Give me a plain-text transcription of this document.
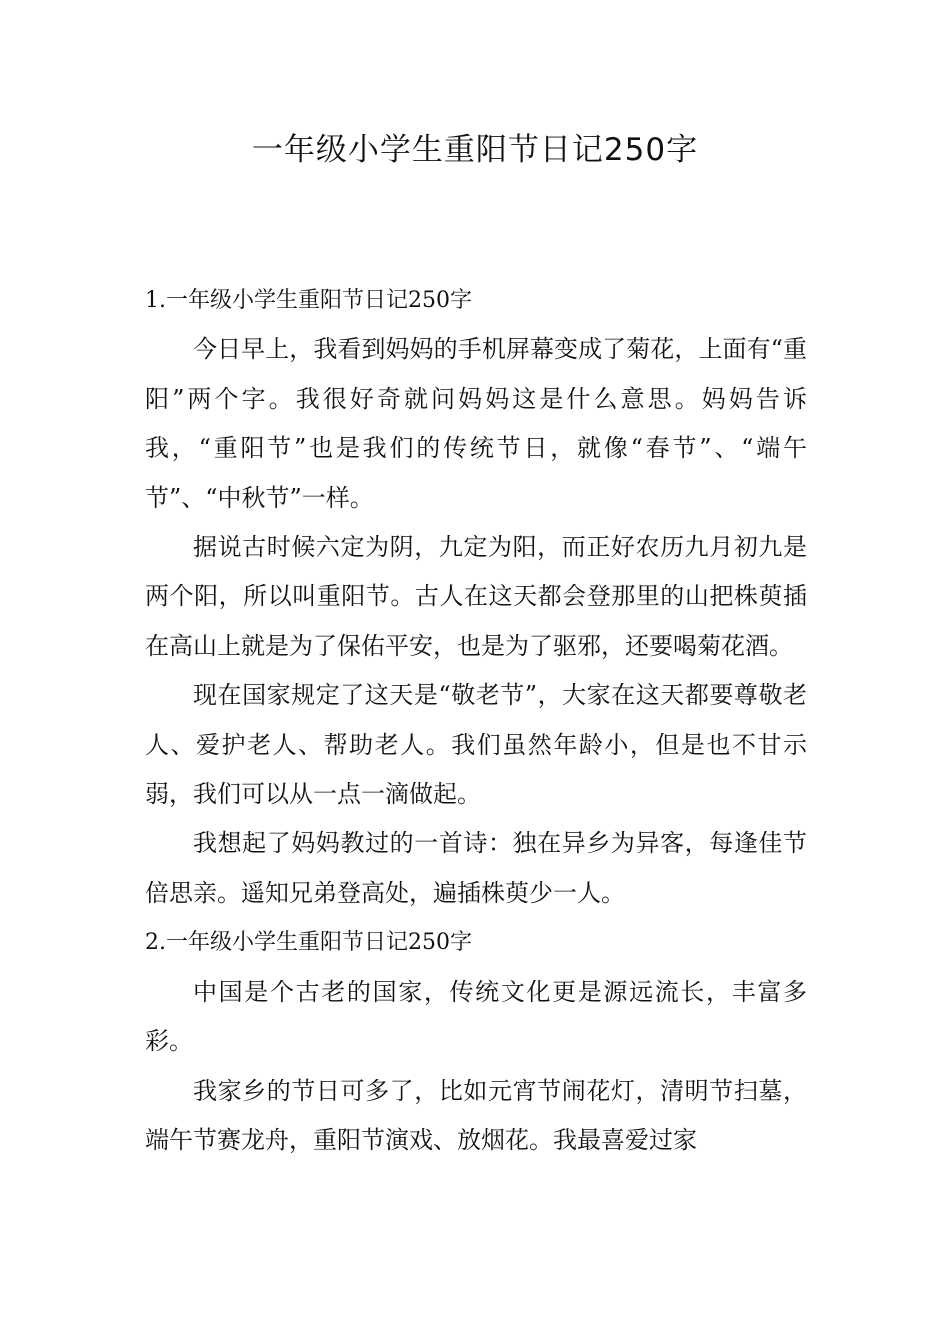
一年级小学生重阳节日记250字

1.一年级小学生重阳节日记250字

今日早上，我看到妈妈的手机屏幕变成了菊花，上面有“重阳”两个字。我很好奇就问妈妈这是什么意思。妈妈告诉我，“重阳节”也是我们的传统节日，就像“春节”、“端午节”、“中秋节”一样。

据说古时候六定为阴，九定为阳，而正好农历九月初九是两个阳，所以叫重阳节。古人在这天都会登那里的山把株萸插在高山上就是为了保佑平安，也是为了驱邪，还要喝菊花酒。

现在国家规定了这天是“敬老节”，大家在这天都要尊敬老人、爱护老人、帮助老人。我们虽然年龄小，但是也不甘示弱，我们可以从一点一滴做起。

我想起了妈妈教过的一首诗：独在异乡为异客，每逢佳节倍思亲。遥知兄弟登高处，遍插株萸少一人。

2.一年级小学生重阳节日记250字

中国是个古老的国家，传统文化更是源远流长，丰富多彩。

我家乡的节日可多了，比如元宵节闹花灯，清明节扫墓，端午节赛龙舟，重阳节演戏、放烟花。我最喜爱过家
